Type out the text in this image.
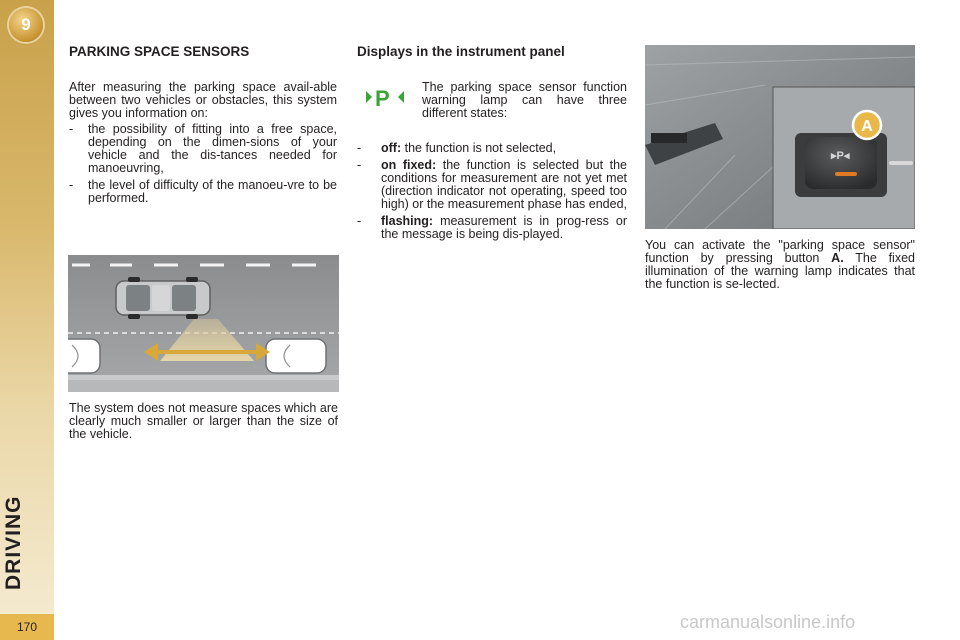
9
DRIVING
170
PARKING SPACE SENSORS

After measuring the parking space avail-able between two vehicles or obstacles, this system gives you information on:

- the possibility of fitting into a free space, depending on the dimen-sions of your vehicle and the dis-tances needed for manoeuvring,
- the level of difficulty of the manoeu-vre to be performed.

The system does not measure spaces which are clearly much smaller or larger than the size of the vehicle.

Displays in the instrument panel
P	The parking space sensor function warning lamp can have three different states:

- off: the function is not selected,
- on fixed: the function is selected but the conditions for measurement are not yet met (direction indicator not operating, speed too high) or the measurement phase has ended,
- flashing: measurement is in prog-ress or the message is being dis-played.
▸P◂
A

You can activate the "parking space sensor" function by pressing button A. The fixed illumination of the warning lamp indicates that the function is se-lected.

carmanualsonline.info
